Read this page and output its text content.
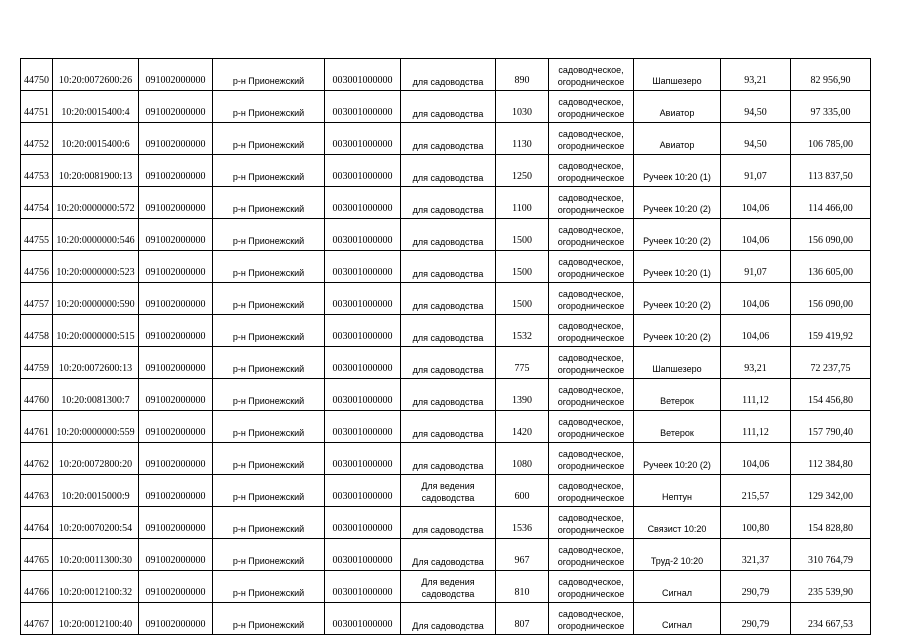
44750	10:20:0072600:26	091002000000	р-н Прионежский	003001000000	для садоводства	890	садоводческое, огородническое	Шапшезеро	93,21	82 956,90
44751	10:20:0015400:4	091002000000	р-н Прионежский	003001000000	для садоводства	1030	садоводческое, огородническое	Авиатор	94,50	97 335,00
44752	10:20:0015400:6	091002000000	р-н Прионежский	003001000000	для садоводства	1130	садоводческое, огородническое	Авиатор	94,50	106 785,00
44753	10:20:0081900:13	091002000000	р-н Прионежский	003001000000	для садоводства	1250	садоводческое, огородническое	Ручеек 10:20 (1)	91,07	113 837,50
44754	10:20:0000000:572	091002000000	р-н Прионежский	003001000000	для садоводства	1100	садоводческое, огородническое	Ручеек 10:20 (2)	104,06	114 466,00
44755	10:20:0000000:546	091002000000	р-н Прионежский	003001000000	для садоводства	1500	садоводческое, огородническое	Ручеек 10:20 (2)	104,06	156 090,00
44756	10:20:0000000:523	091002000000	р-н Прионежский	003001000000	для садоводства	1500	садоводческое, огородническое	Ручеек 10:20 (1)	91,07	136 605,00
44757	10:20:0000000:590	091002000000	р-н Прионежский	003001000000	для садоводства	1500	садоводческое, огородническое	Ручеек 10:20 (2)	104,06	156 090,00
44758	10:20:0000000:515	091002000000	р-н Прионежский	003001000000	для садоводства	1532	садоводческое, огородническое	Ручеек 10:20 (2)	104,06	159 419,92
44759	10:20:0072600:13	091002000000	р-н Прионежский	003001000000	для садоводства	775	садоводческое, огородническое	Шапшезеро	93,21	72 237,75
44760	10:20:0081300:7	091002000000	р-н Прионежский	003001000000	для садоводства	1390	садоводческое, огородническое	Ветерок	111,12	154 456,80
44761	10:20:0000000:559	091002000000	р-н Прионежский	003001000000	для садоводства	1420	садоводческое, огородническое	Ветерок	111,12	157 790,40
44762	10:20:0072800:20	091002000000	р-н Прионежский	003001000000	для садоводства	1080	садоводческое, огородническое	Ручеек 10:20 (2)	104,06	112 384,80
44763	10:20:0015000:9	091002000000	р-н Прионежский	003001000000	Для ведения садоводства	600	садоводческое, огородническое	Нептун	215,57	129 342,00
44764	10:20:0070200:54	091002000000	р-н Прионежский	003001000000	для садоводства	1536	садоводческое, огородническое	Связист 10:20	100,80	154 828,80
44765	10:20:0011300:30	091002000000	р-н Прионежский	003001000000	Для садоводства	967	садоводческое, огородническое	Труд-2 10:20	321,37	310 764,79
44766	10:20:0012100:32	091002000000	р-н Прионежский	003001000000	Для ведения садоводства	810	садоводческое, огородническое	Сигнал	290,79	235 539,90
44767	10:20:0012100:40	091002000000	р-н Прионежский	003001000000	Для садоводства	807	садоводческое, огородническое	Сигнал	290,79	234 667,53
